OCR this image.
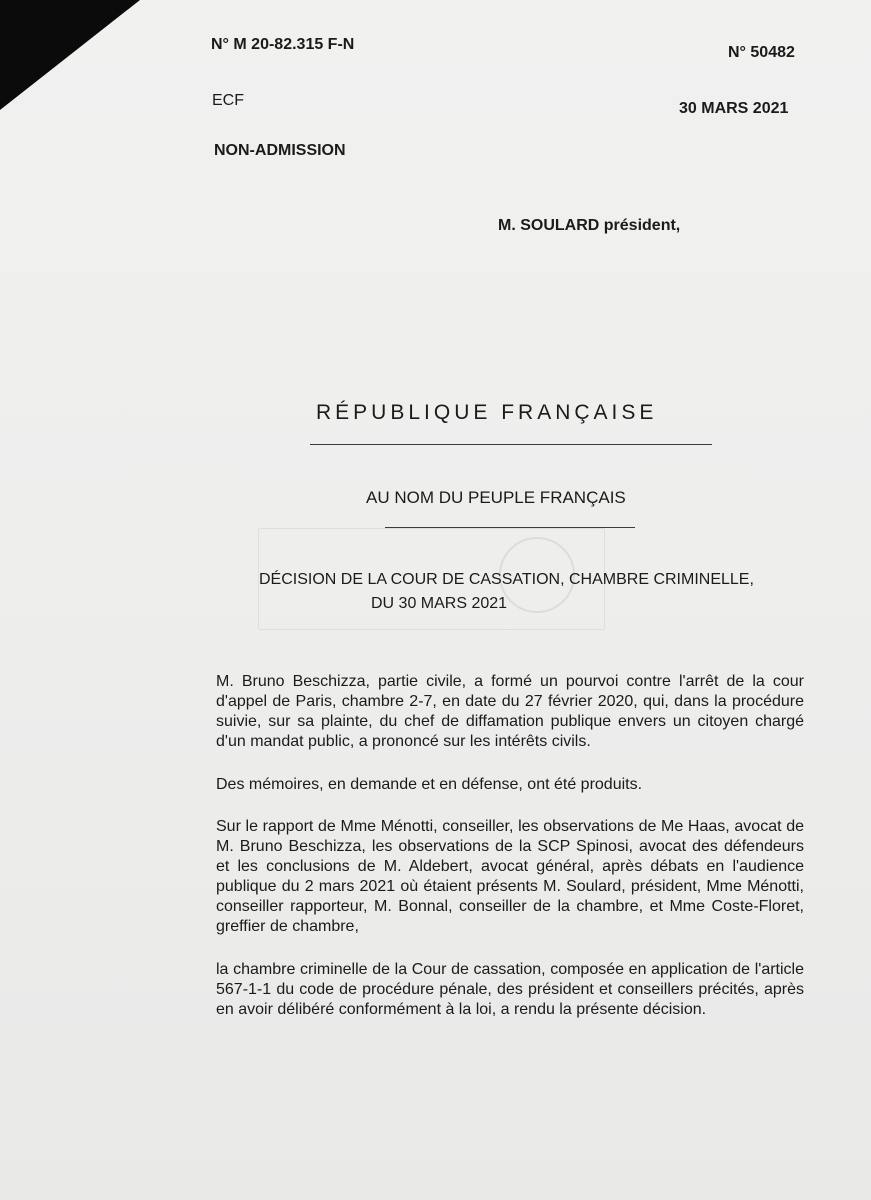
N° M 20-82.315 F-N	N° 50482
ECF	30 MARS 2021
NON-ADMISSION
M. SOULARD président,
RÉPUBLIQUE FRANÇAISE
AU NOM DU PEUPLE FRANÇAIS
DÉCISION DE LA COUR DE CASSATION, CHAMBRE CRIMINELLE,
DU 30 MARS 2021
M. Bruno Beschizza, partie civile, a formé un pourvoi contre l'arrêt de la cour d'appel de Paris, chambre 2-7, en date du 27 février 2020, qui, dans la procédure suivie, sur sa plainte, du chef de diffamation publique envers un citoyen chargé d'un mandat public, a prononcé sur les intérêts civils.
Des mémoires, en demande et en défense, ont été produits.
Sur le rapport de Mme Ménotti, conseiller, les observations de Me Haas, avocat de M. Bruno Beschizza, les observations de la SCP Spinosi, avocat des défendeurs et les conclusions de M. Aldebert, avocat général, après débats en l'audience publique du 2 mars 2021 où étaient présents M. Soulard, président, Mme Ménotti, conseiller rapporteur, M. Bonnal, conseiller de la chambre, et Mme Coste-Floret, greffier de chambre,
la chambre criminelle de la Cour de cassation, composée en application de l'article 567-1-1 du code de procédure pénale, des président et conseillers précités, après en avoir délibéré conformément à la loi, a rendu la présente décision.
